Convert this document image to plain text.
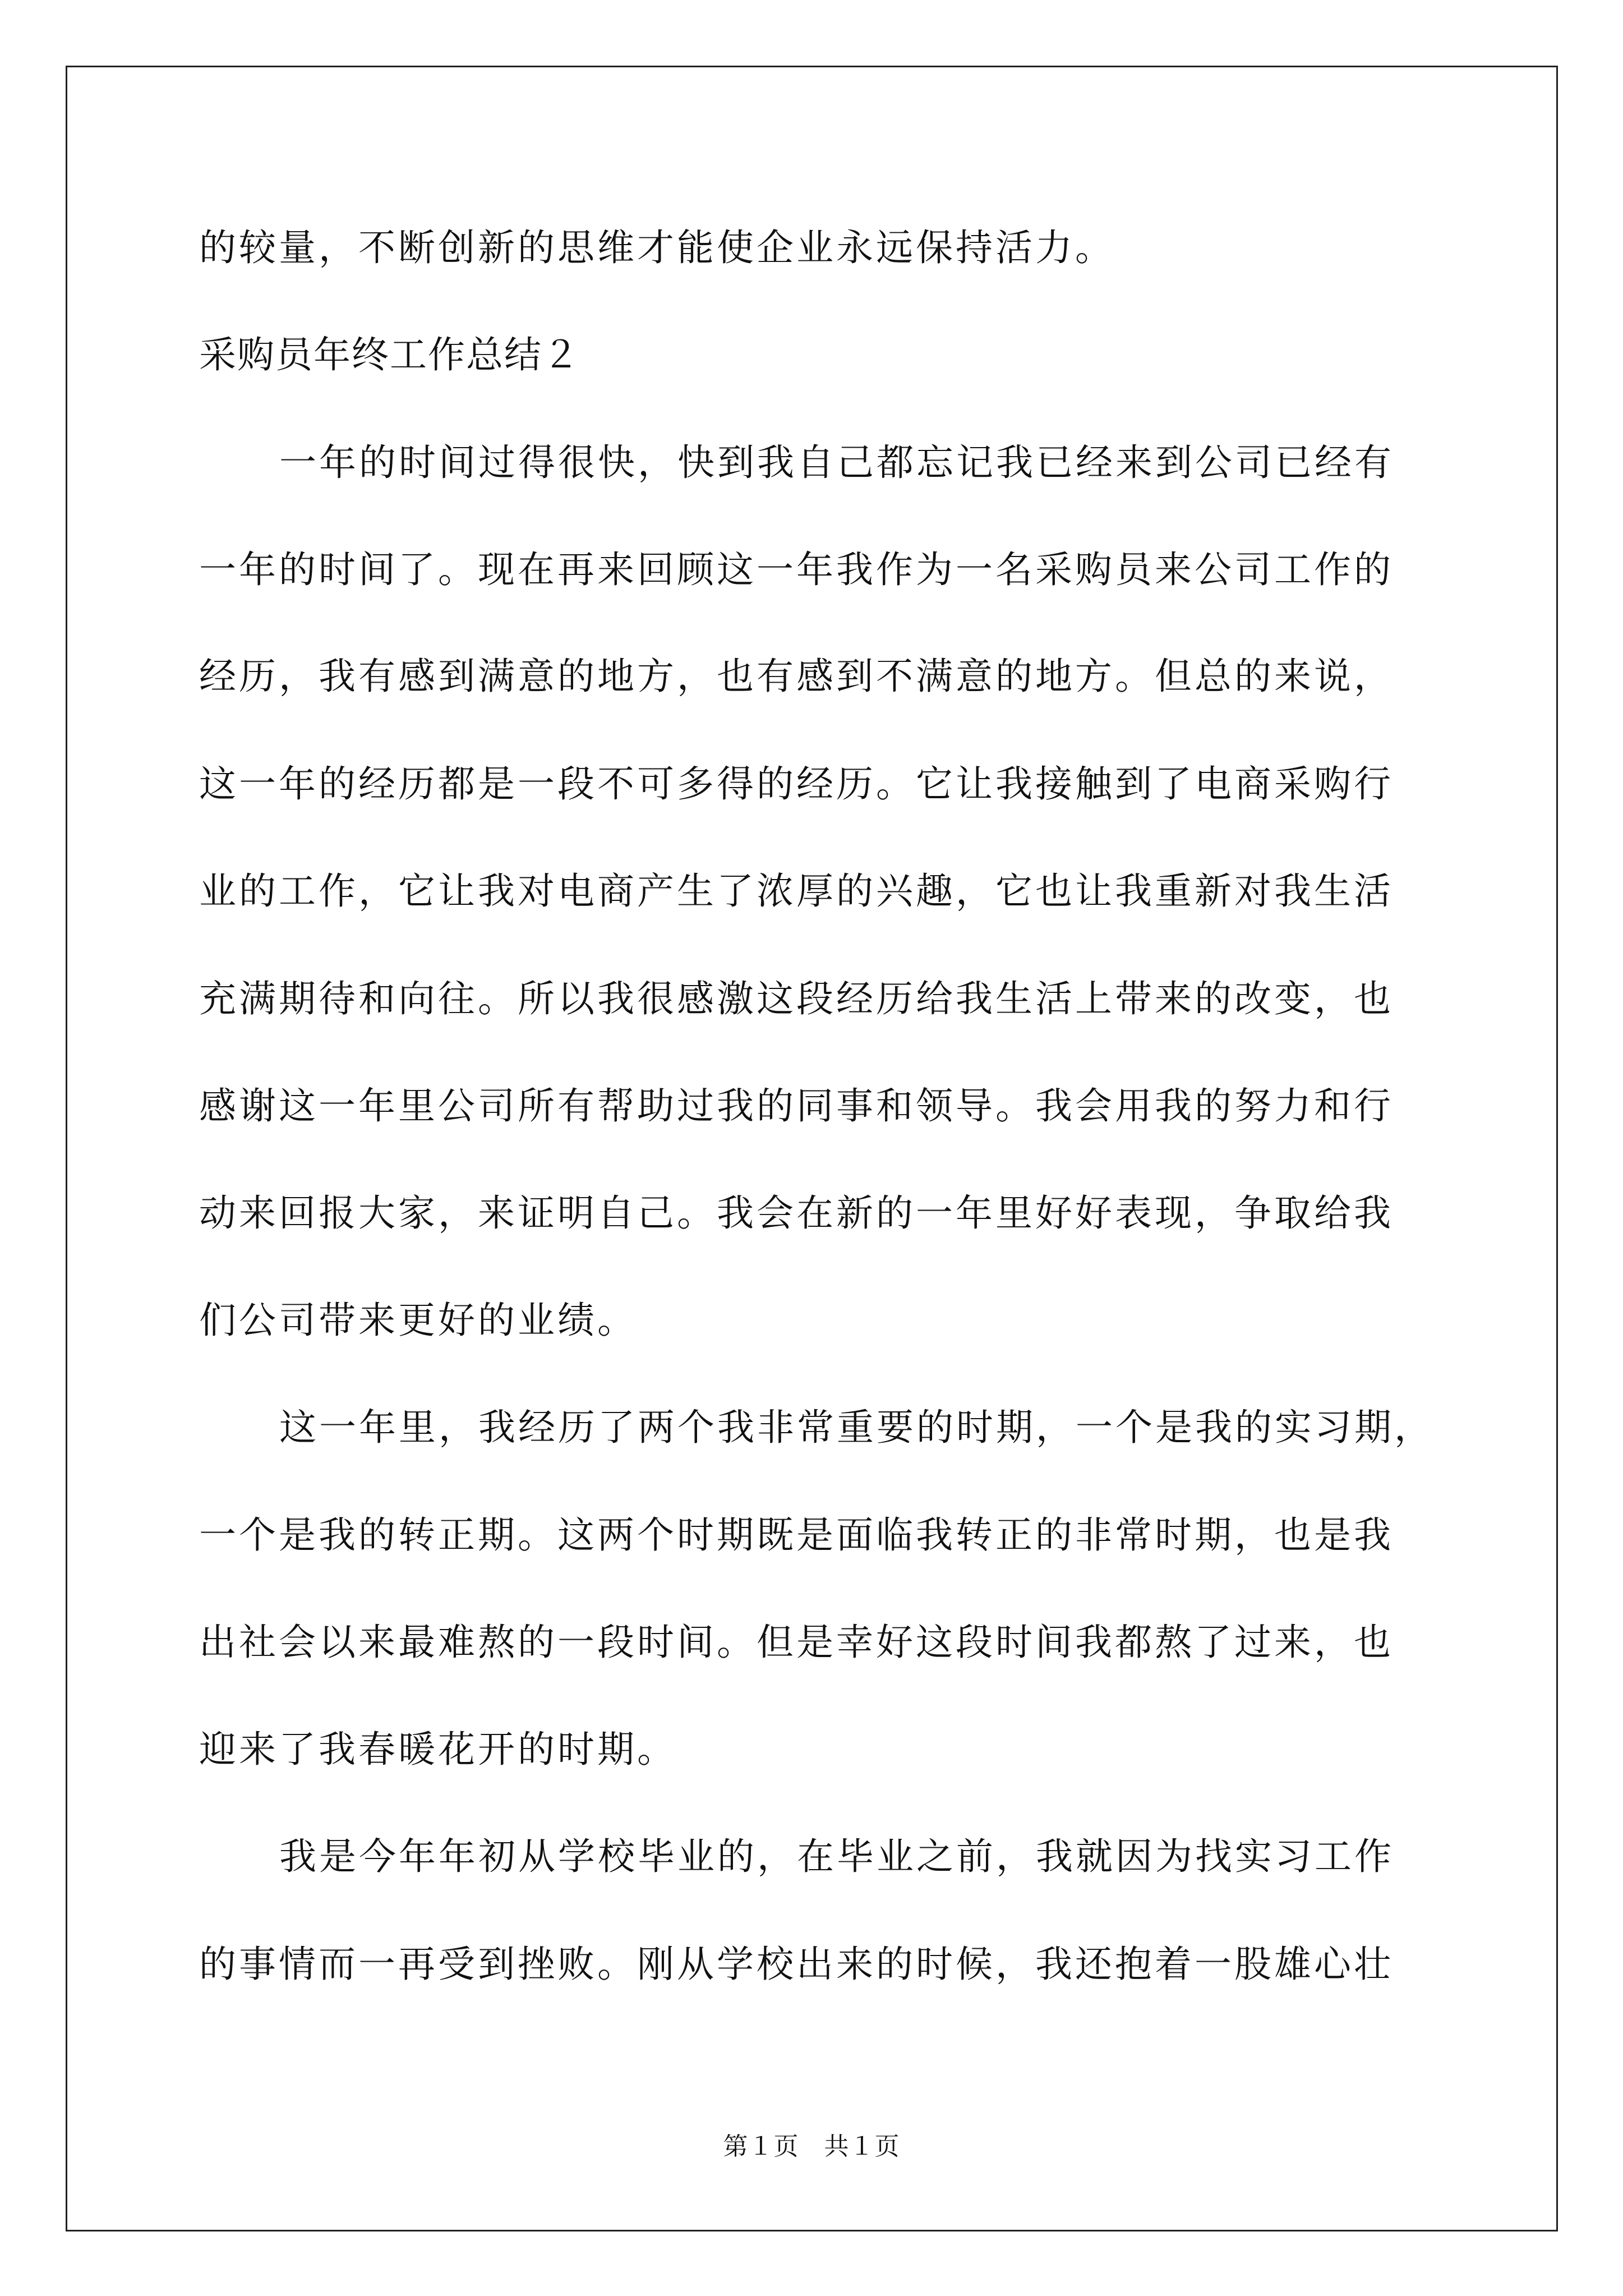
的较量，不断创新的思维才能使企业永远保持活力。
采购员年终工作总结２
一年的时间过得很快，快到我自己都忘记我已经来到公司已经有
一年的时间了。现在再来回顾这一年我作为一名采购员来公司工作的
经历，我有感到满意的地方，也有感到不满意的地方。但总的来说，
这一年的经历都是一段不可多得的经历。它让我接触到了电商采购行
业的工作，它让我对电商产生了浓厚的兴趣，它也让我重新对我生活
充满期待和向往。所以我很感激这段经历给我生活上带来的改变，也
感谢这一年里公司所有帮助过我的同事和领导。我会用我的努力和行
动来回报大家，来证明自己。我会在新的一年里好好表现，争取给我
们公司带来更好的业绩。
这一年里，我经历了两个我非常重要的时期，一个是我的实习期，
一个是我的转正期。这两个时期既是面临我转正的非常时期，也是我
出社会以来最难熬的一段时间。但是幸好这段时间我都熬了过来，也
迎来了我春暖花开的时期。
我是今年年初从学校毕业的，在毕业之前，我就因为找实习工作
的事情而一再受到挫败。刚从学校出来的时候，我还抱着一股雄心壮
第１页 共１页
